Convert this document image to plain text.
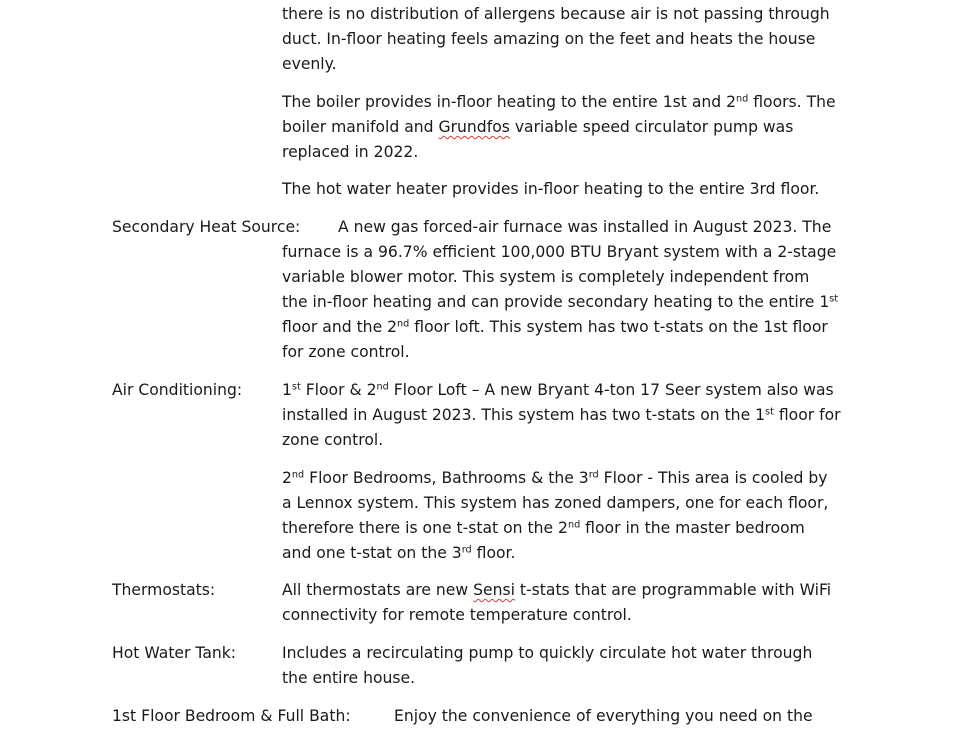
there is no distribution of allergens because air is not passing through
duct. In-floor heating feels amazing on the feet and heats the house
evenly.
The boiler provides in-floor heating to the entire 1st and 2nd floors. The
boiler manifold and Grundfos variable speed circulator pump was
replaced in 2022.
The hot water heater provides in-floor heating to the entire 3rd floor.
Secondary Heat Source: A new gas forced-air furnace was installed in August 2023. The
furnace is a 96.7% efficient 100,000 BTU Bryant system with a 2-stage
variable blower motor. This system is completely independent from
the in-floor heating and can provide secondary heating to the entire 1st
floor and the 2nd floor loft. This system has two t-stats on the 1st floor
for zone control.
Air Conditioning:	1st Floor & 2nd Floor Loft – A new Bryant 4-ton 17 Seer system also was
installed in August 2023. This system has two t-stats on the 1st floor for
zone control.
2nd Floor Bedrooms, Bathrooms & the 3rd Floor - This area is cooled by
a Lennox system. This system has zoned dampers, one for each floor,
therefore there is one t-stat on the 2nd floor in the master bedroom
and one t-stat on the 3rd floor.
Thermostats:	All thermostats are new Sensi t-stats that are programmable with WiFi
connectivity for remote temperature control.
Hot Water Tank:	Includes a recirculating pump to quickly circulate hot water through
the entire house.
1st Floor Bedroom & Full Bath:	Enjoy the convenience of everything you need on the
